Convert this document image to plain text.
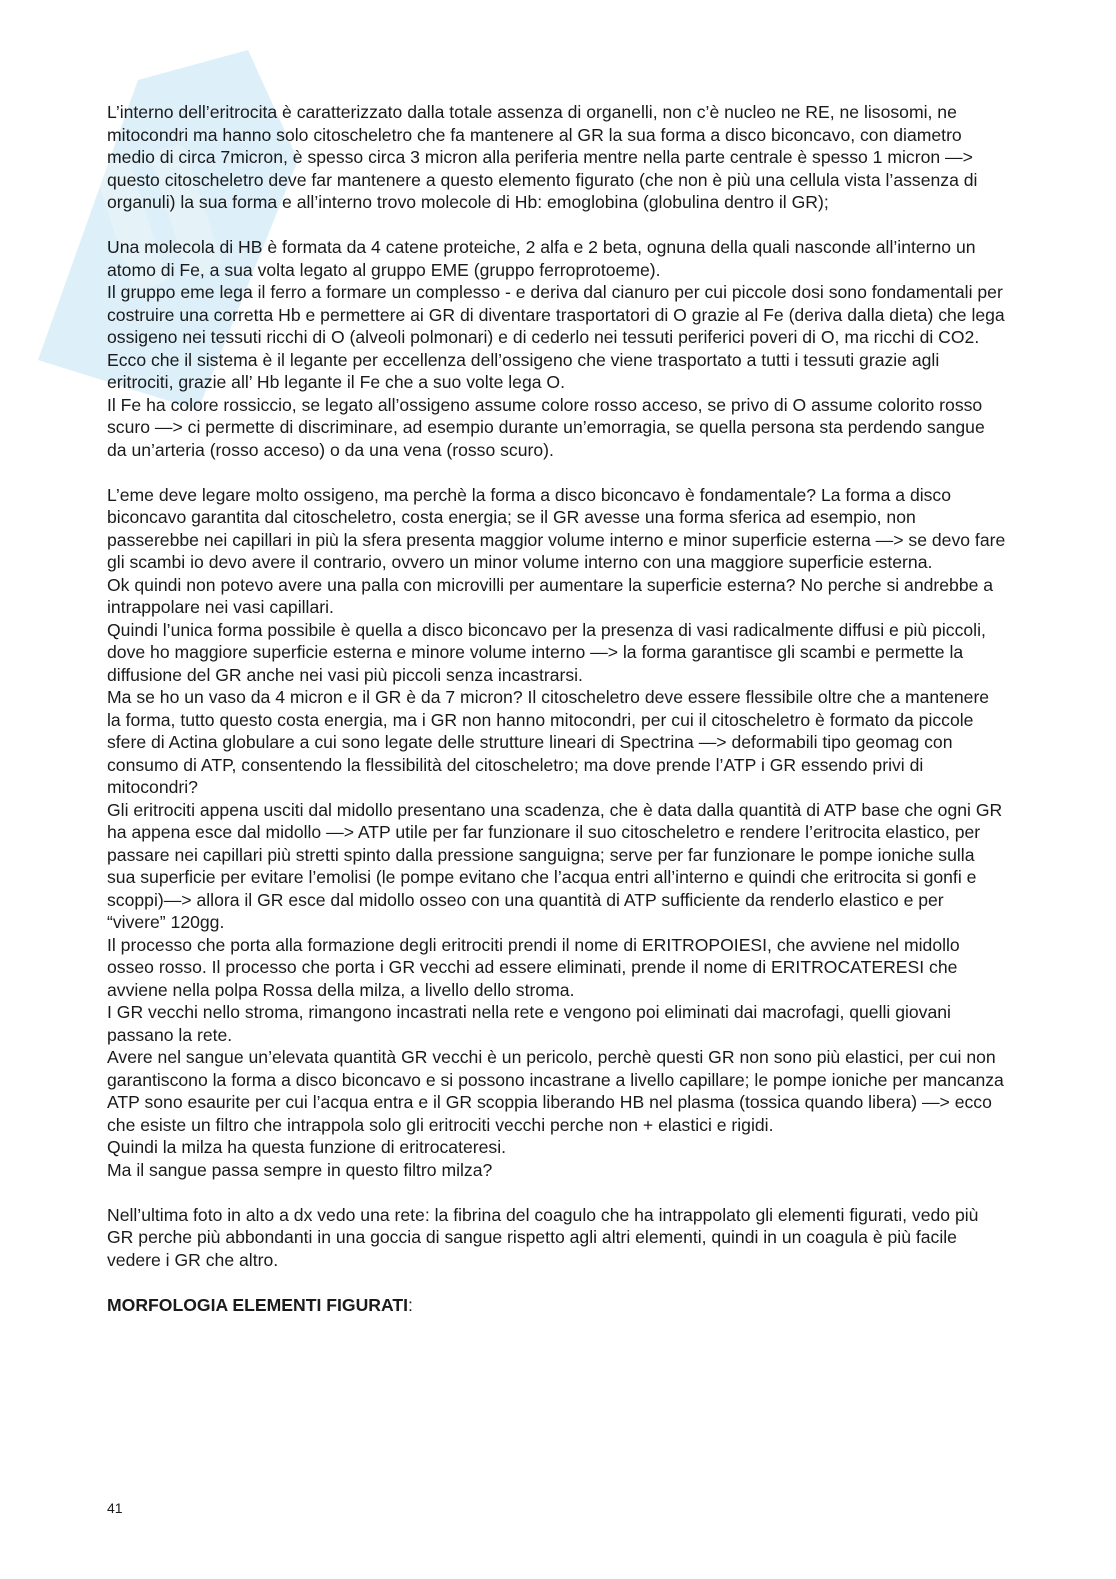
L’interno dell’eritrocita è caratterizzato dalla totale assenza di organelli, non c’è nucleo ne RE, ne lisosomi, ne mitocondri ma hanno solo citoscheletro che fa mantenere al GR la sua forma a disco biconcavo, con diametro medio di circa 7micron, è spesso circa 3 micron alla periferia mentre nella parte centrale è spesso 1 micron —> questo citoscheletro deve far mantenere a questo elemento figurato (che non è più una cellula vista l’assenza di organuli) la sua forma e all’interno trovo molecole di Hb: emoglobina (globulina dentro il GR);

Una molecola di HB è formata da 4 catene proteiche, 2 alfa e 2 beta, ognuna della quali nasconde all’interno un atomo di Fe, a sua volta legato al gruppo EME (gruppo ferroprotoeme).

Il gruppo eme lega il ferro a formare un complesso - e deriva dal cianuro per cui piccole dosi sono fondamentali per costruire una corretta Hb e permettere ai GR di diventare trasportatori di O grazie al Fe (deriva dalla dieta) che lega ossigeno nei tessuti ricchi di O (alveoli polmonari) e di cederlo nei tessuti periferici poveri di O, ma ricchi di CO2.

Ecco che il sistema è il legante per eccellenza dell’ossigeno che viene trasportato a tutti i tessuti grazie agli eritrociti, grazie all’ Hb legante il Fe che a suo volte lega O.

Il Fe ha colore rossiccio, se legato all’ossigeno assume colore rosso acceso, se privo di O assume colorito rosso scuro —> ci permette di discriminare, ad esempio durante un’emorragia, se quella persona sta perdendo sangue da un’arteria (rosso acceso) o da una vena (rosso scuro).

L’eme deve legare molto ossigeno, ma perchè la forma a disco biconcavo è fondamentale? La forma a disco biconcavo garantita dal citoscheletro, costa energia; se il GR avesse una forma sferica ad esempio, non passerebbe nei capillari in più la sfera presenta maggior volume interno e minor superficie esterna —> se devo fare gli scambi io devo avere il contrario, ovvero un minor volume interno con una maggiore superficie esterna.

Ok quindi non potevo avere una palla con microvilli per aumentare la superficie esterna? No perche si andrebbe a intrappolare nei vasi capillari.

Quindi l’unica forma possibile è quella a disco biconcavo per la presenza di vasi radicalmente diffusi e più piccoli, dove ho maggiore superficie esterna e minore volume interno —> la forma garantisce gli scambi e permette la diffusione del GR anche nei vasi più piccoli senza incastrarsi.

Ma se ho un vaso da 4 micron e il GR è da 7 micron? Il citoscheletro deve essere flessibile oltre che a mantenere la forma, tutto questo costa energia, ma i GR non hanno mitocondri, per cui il citoscheletro è formato da piccole sfere di Actina globulare a cui sono legate delle strutture lineari di Spectrina —> deformabili tipo geomag con consumo di ATP, consentendo la flessibilità del citoscheletro; ma dove prende l’ATP i GR essendo privi di mitocondri?

Gli eritrociti appena usciti dal midollo presentano una scadenza, che è data dalla quantità di ATP base che ogni GR ha appena esce dal midollo —> ATP utile per far funzionare il suo citoscheletro e rendere l’eritrocita elastico, per passare nei capillari più stretti spinto dalla pressione sanguigna; serve per far funzionare le pompe ioniche sulla sua superficie per evitare l’emolisi (le pompe evitano che l’acqua entri all’interno e quindi che eritrocita si gonfi e scoppi)—> allora il GR esce dal midollo osseo con una quantità di ATP sufficiente da renderlo elastico e per “vivere” 120gg.

Il processo che porta alla formazione degli eritrociti prendi il nome di ERITROPOIESI, che avviene nel midollo osseo rosso. Il processo che porta i GR vecchi ad essere eliminati, prende il nome di ERITROCATERESI che avviene nella polpa Rossa della milza, a livello dello stroma.

I GR vecchi nello stroma, rimangono incastrati nella rete e vengono poi eliminati dai macrofagi, quelli giovani passano la rete.

Avere nel sangue un’elevata quantità GR vecchi è un pericolo, perchè questi GR non sono più elastici, per cui non garantiscono la forma a disco biconcavo e si possono incastrane a livello capillare; le pompe ioniche per mancanza ATP sono esaurite per cui l’acqua entra e il GR scoppia liberando HB nel plasma (tossica quando libera) —> ecco che esiste un filtro che intrappola solo gli eritrociti vecchi perche non + elastici e rigidi.

Quindi la milza ha questa funzione di eritrocateresi.

Ma il sangue passa sempre in questo filtro milza?

Nell’ultima foto in alto a dx vedo una rete: la fibrina del coagulo che ha intrappolato gli elementi figurati, vedo più GR perche più abbondanti in una goccia di sangue rispetto agli altri elementi, quindi in un coagula è più facile vedere i GR che altro.

MORFOLOGIA ELEMENTI FIGURATI:

41
